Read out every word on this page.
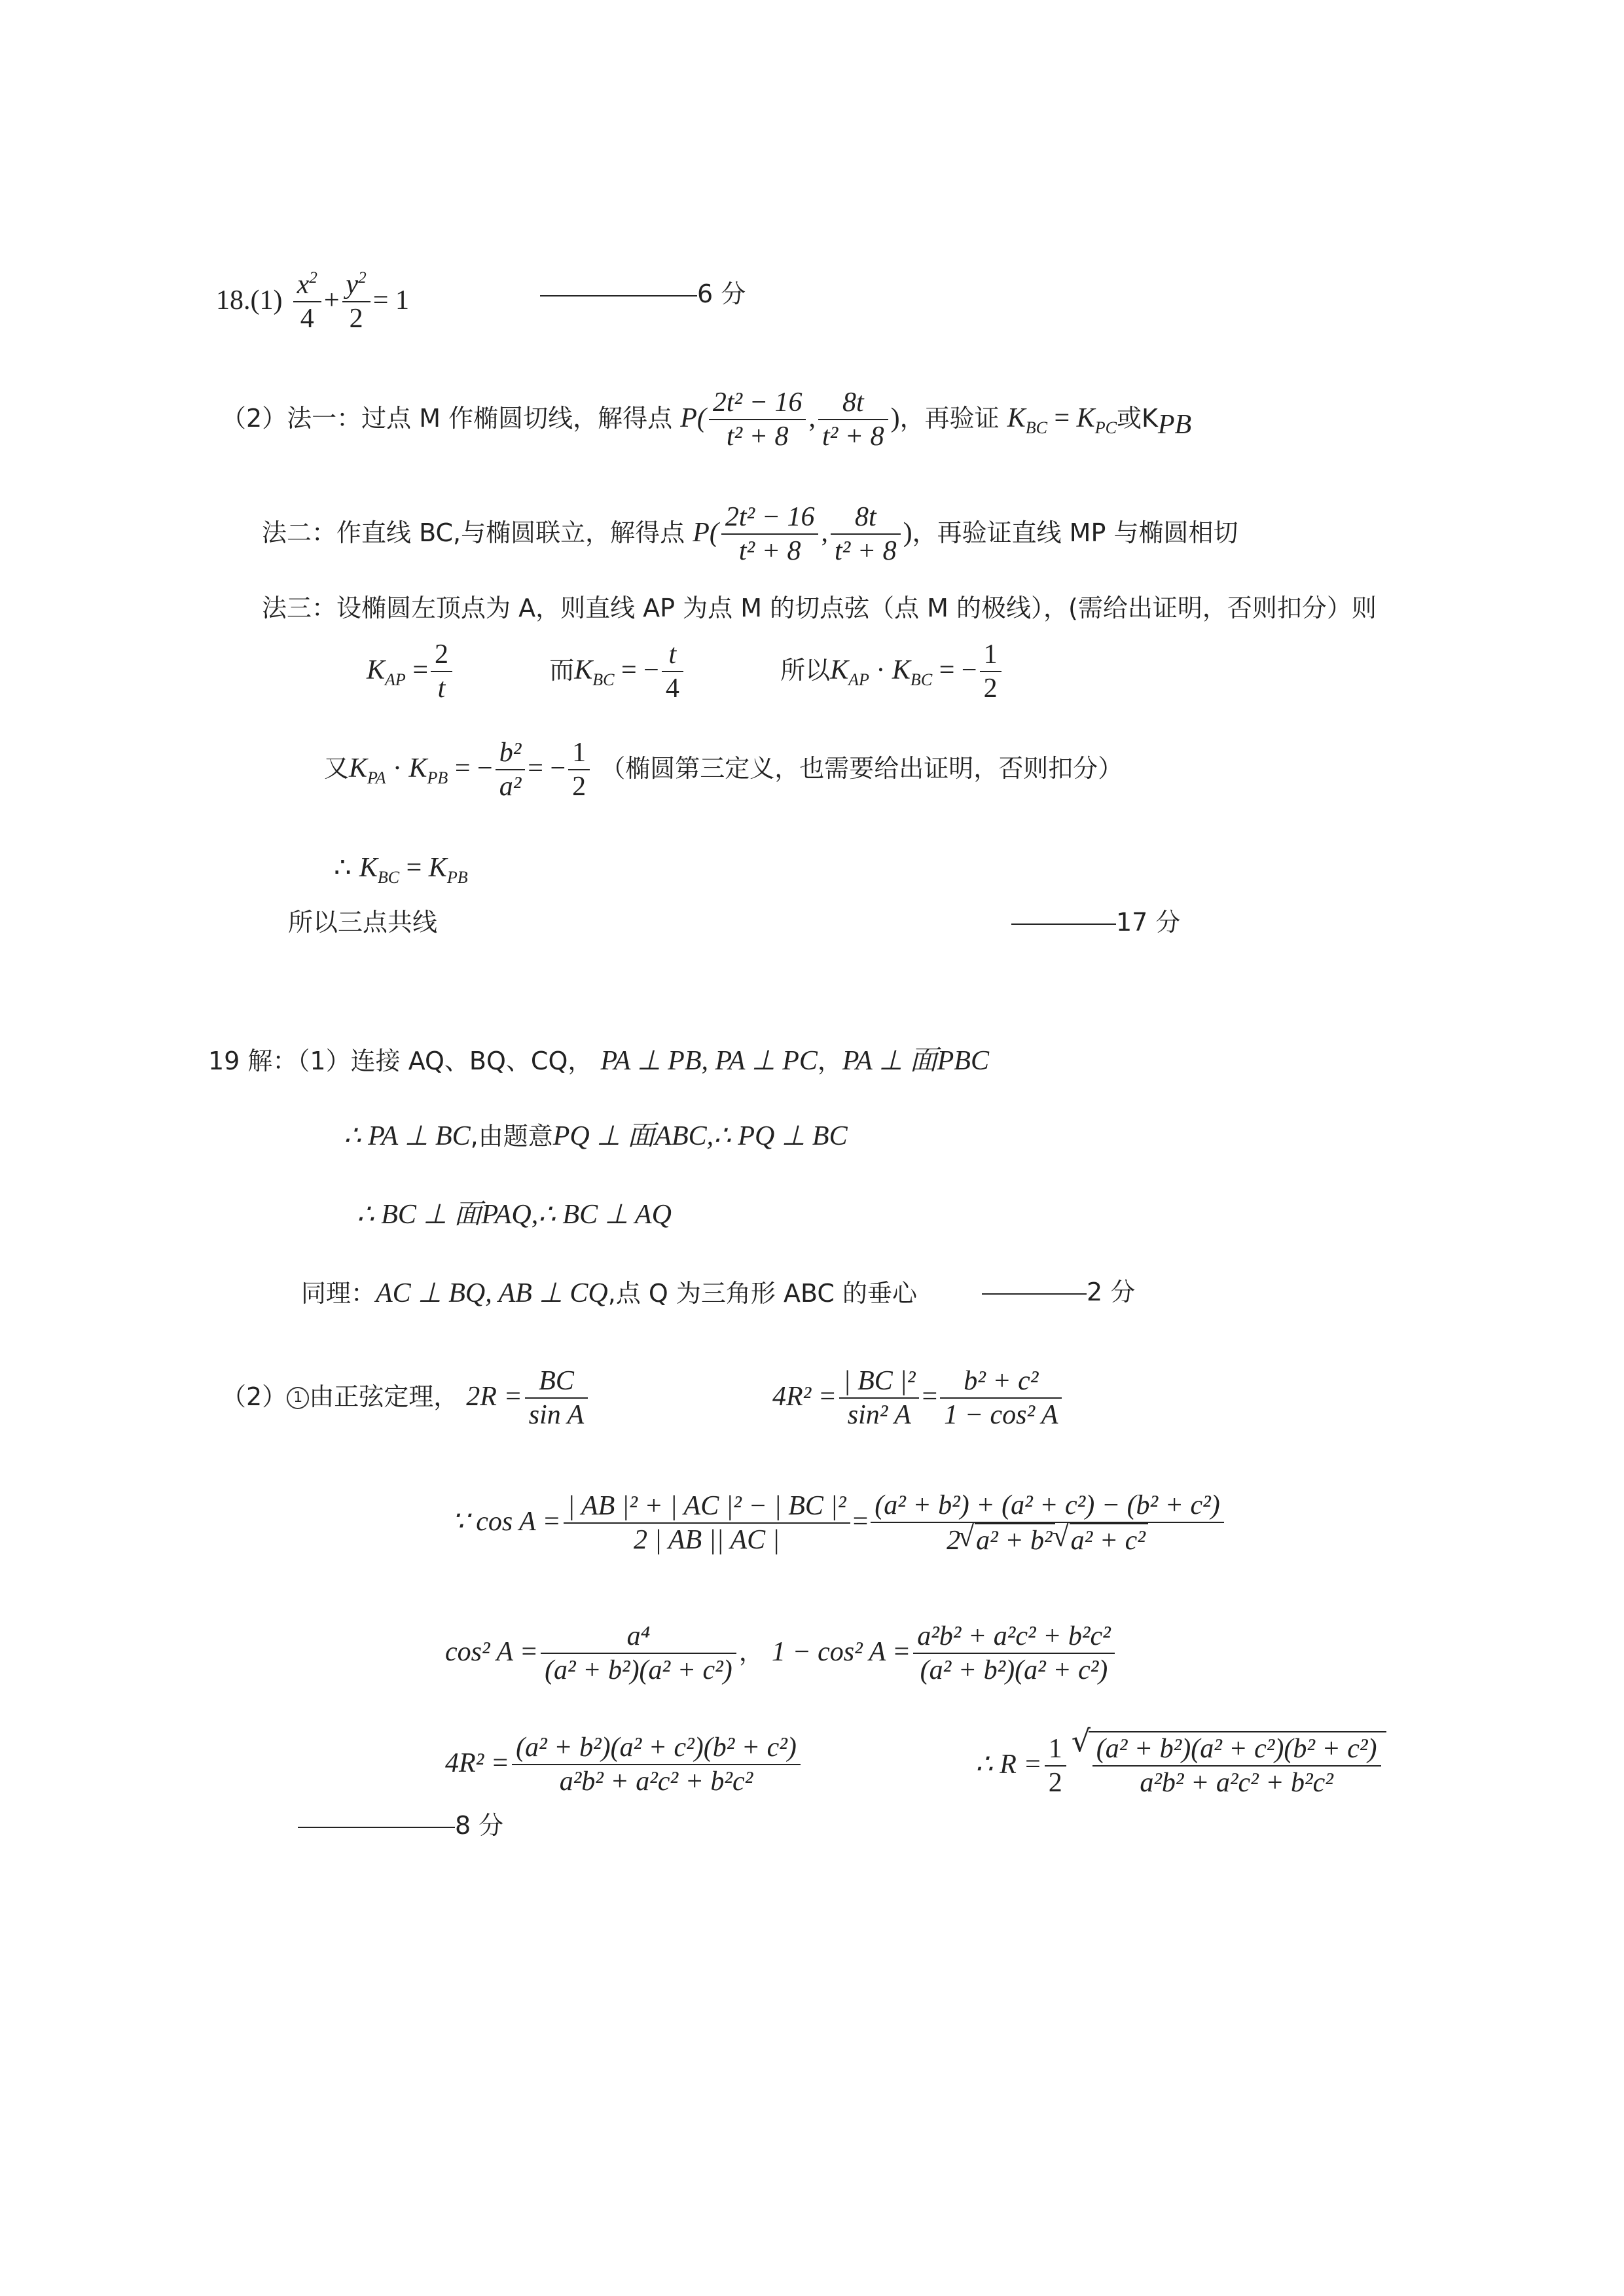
$18.(1) \frac{x^2}{4} + \frac{y^2}{2} = 1$	6 分
（2）法一：过点 M 作椭圆切线，解得点 $P( \frac{\text{2t² − 16}}{\text{t² + 8}}$ , $\frac{8t}{\text{t² + 8}}$ )，再验证 $K_{BC} = K_{PC}$或$K_{PB}$
法二：作直线 BC,与椭圆联立，解得点 $P( \frac{\text{2t² − 16}}{\text{t² + 8}}$ , $\frac{8t}{\text{t² + 8}}$ )，再验证直线 MP 与椭圆相切
法三：设椭圆左顶点为 A，则直线 AP 为点 M 的切点弦（点 M 的极线），(需给出证明，否则扣分）则
$K_{AP} = \frac{2}{t}$	而$K_{BC}$ = − $\frac{t}{4}$	所以$K_{AP} \cdot K_{BC}$ = − $\frac{1}{2}$
又$K_{PA} \cdot K_{PB}$ = − $\frac{\text{b²}}{\text{a²}}$ = − $\frac{1}{2}$ （椭圆第三定义，也需要给出证明，否则扣分）
∴ $K_{BC} = K_{PB}$
所以三点共线	17 分
19 解：（1）连接 AQ、BQ、CQ， PA ⊥ PB, PA ⊥ PC，PA ⊥ 面PBC
∴ PA ⊥ BC,由题意PQ ⊥ 面ABC,∴ PQ ⊥ BC
∴ BC ⊥ 面PAQ,∴ BC ⊥ AQ
同理：AC ⊥ BQ, AB ⊥ CQ,点 Q 为三角形 ABC 的垂心	2 分
（2） 1 由正弦定理， $2R = \frac{BC}{\text{sin A}}$	$4R^2 = \frac{\text{| BC |²}}{\text{sin² A}} = \frac{\text{b² + c²}}{\text{1 − cos² A}}$
∵ $\cos A = \frac{\text{| AB |² + | AC |² − | BC |²}}{2 | AB || AC |} = \frac{\text{(a² + b²) + (a² + c²) − (b² + c²)}}{\text{2 √ a² + b² √ a² + c²}}$
cos² $A = \frac{\text{a⁴}}{\text{(a² + b²)(a² + c²)}}$ ， 1 − cos² $A = \frac{\text{a²b² + a²c² + b²c²}}{\text{(a² + b²)(a² + c²)}}$
$4R^2 = \frac{\text{(a² + b²)(a² + c²)(b² + c²)}}{\text{a²b² + a²c² + b²c²}}$	∴ $R = \frac{1}{2}$ √ $\frac{\text{(a² + b²)(a² + c²)(b² + c²)}}{\text{a²b² + a²c² + b²c²}}$
8 分
